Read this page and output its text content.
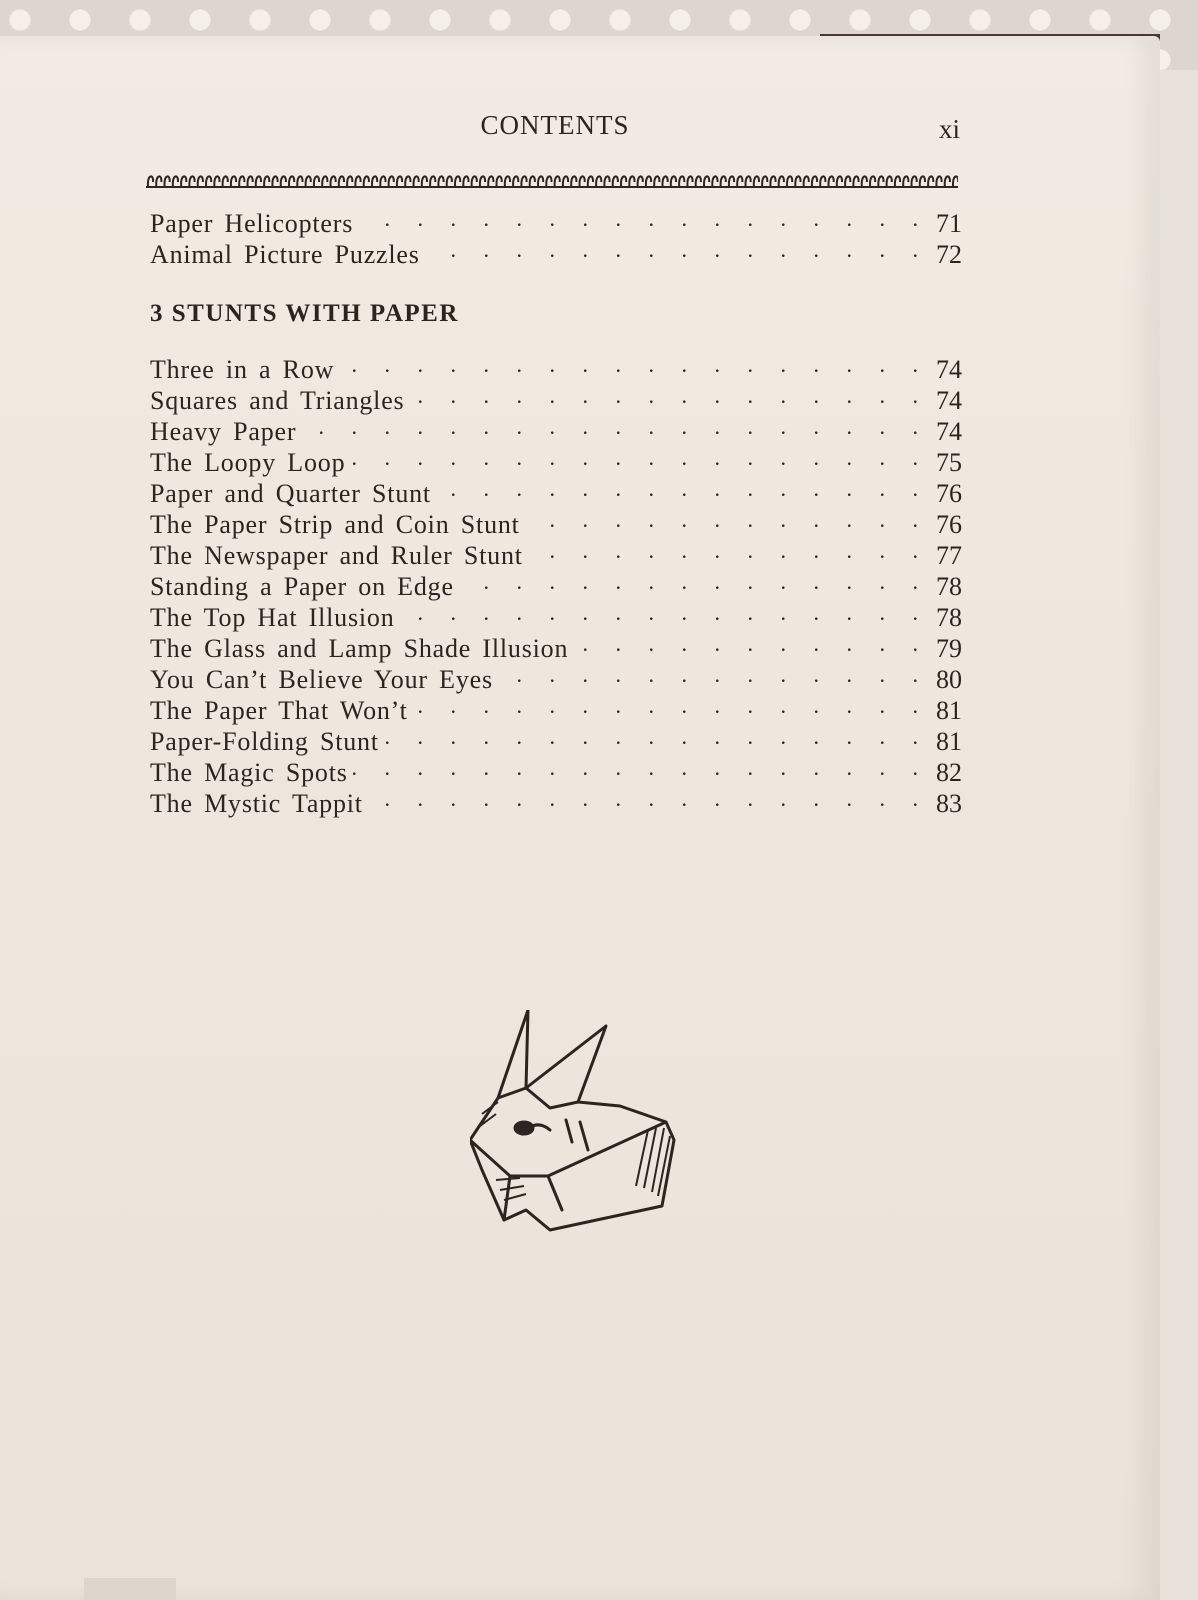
CONTENTS	xi
Paper Helicopters .	71
Animal Picture Puzzles .	72
3 STUNTS WITH PAPER
Three in a Row .	74
Squares and Triangles .	74
Heavy Paper .	74
The Loopy Loop .	75
Paper and Quarter Stunt .	76
The Paper Strip and Coin Stunt .	76
The Newspaper and Ruler Stunt .	77
Standing a Paper on Edge .	78
The Top Hat Illusion .	78
The Glass and Lamp Shade Illusion .	79
You Can’t Believe Your Eyes .	80
The Paper That Won’t .	81
Paper-Folding Stunt .	81
The Magic Spots .	82
The Mystic Tappit .	83
